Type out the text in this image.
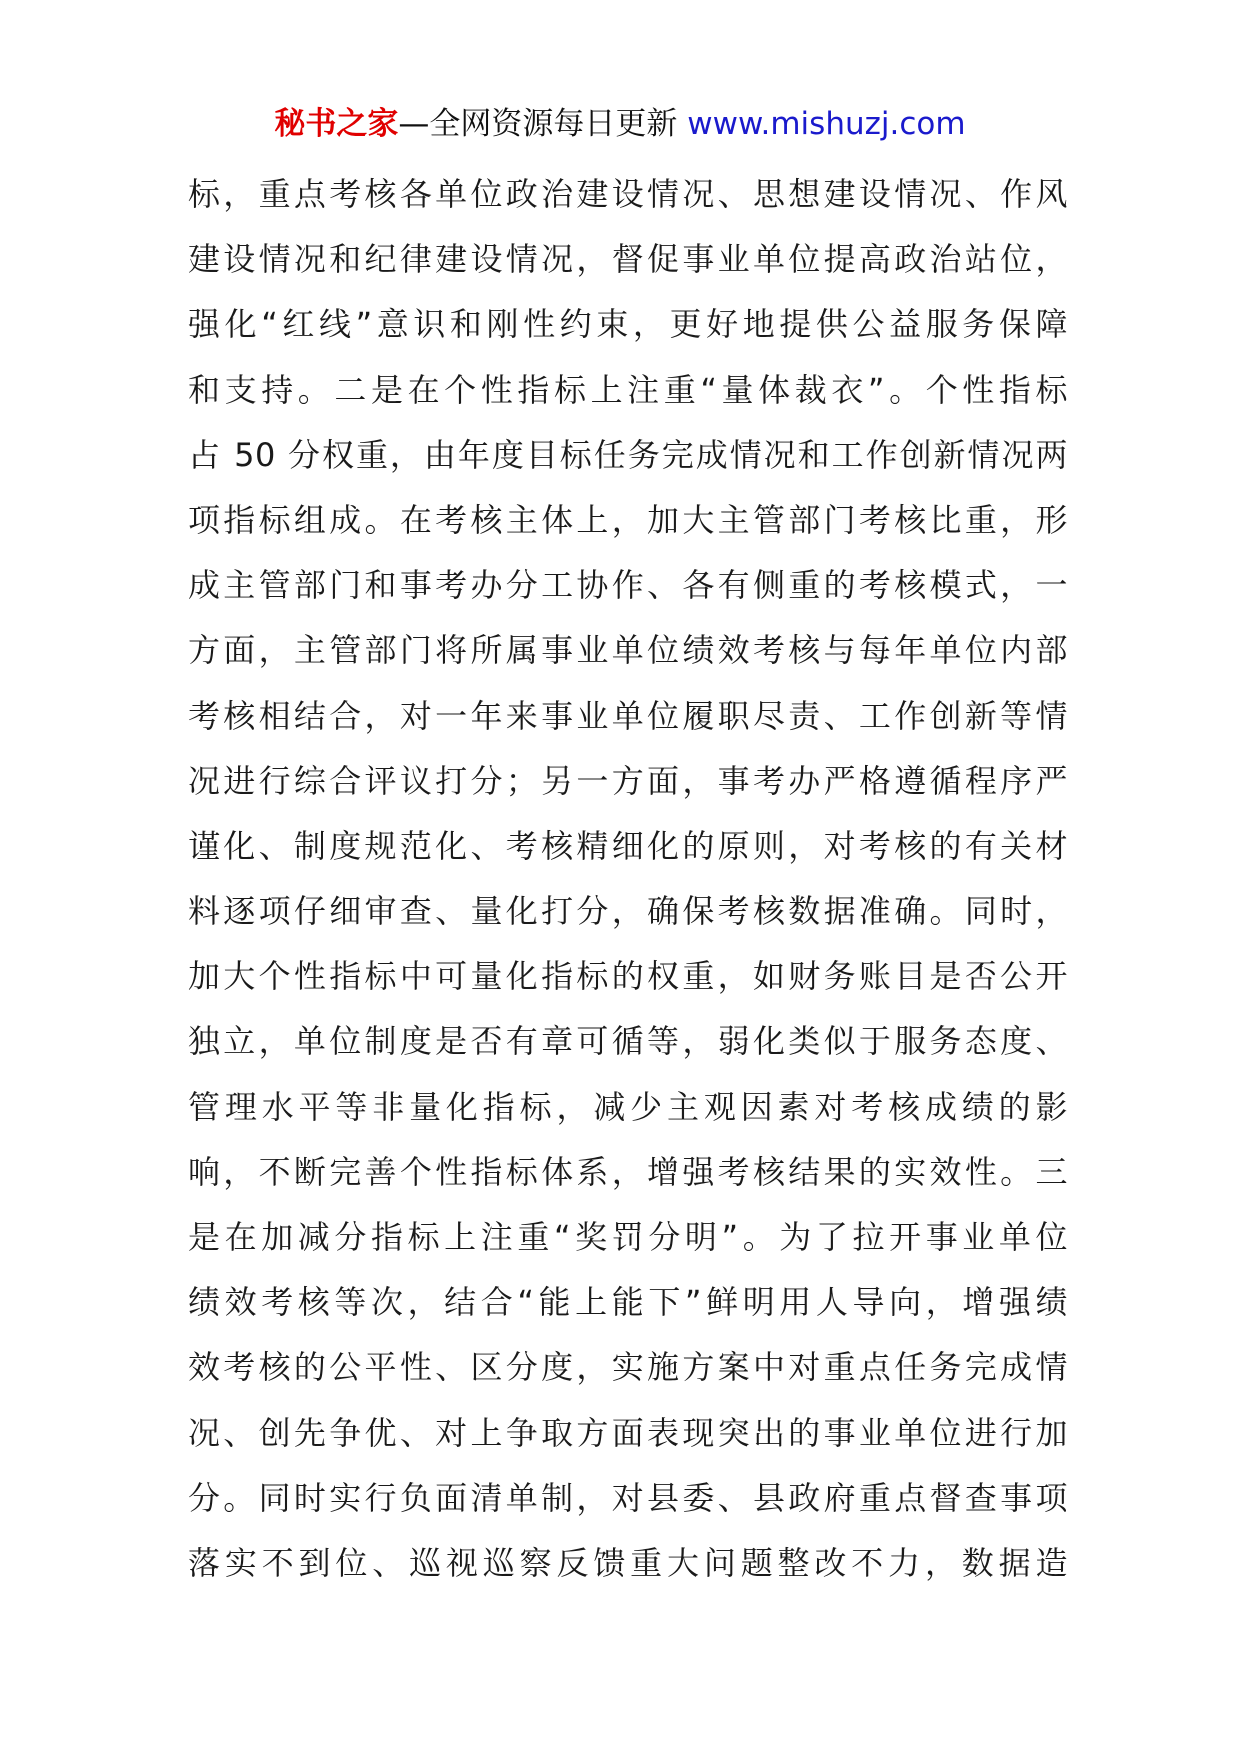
秘书之家—全网资源每日更新 www.mishuzj.com
标，重点考核各单位政治建设情况、思想建设情况、作风
建设情况和纪律建设情况，督促事业单位提高政治站位，
强化“红线”意识和刚性约束，更好地提供公益服务保障
和支持。二是在个性指标上注重“量体裁衣”。个性指标
占 50 分权重，由年度目标任务完成情况和工作创新情况两
项指标组成。在考核主体上，加大主管部门考核比重，形
成主管部门和事考办分工协作、各有侧重的考核模式，一
方面，主管部门将所属事业单位绩效考核与每年单位内部
考核相结合，对一年来事业单位履职尽责、工作创新等情
况进行综合评议打分；另一方面，事考办严格遵循程序严
谨化、制度规范化、考核精细化的原则，对考核的有关材
料逐项仔细审查、量化打分，确保考核数据准确。同时，
加大个性指标中可量化指标的权重，如财务账目是否公开
独立，单位制度是否有章可循等，弱化类似于服务态度、
管理水平等非量化指标，减少主观因素对考核成绩的影
响，不断完善个性指标体系，增强考核结果的实效性。三
是在加减分指标上注重“奖罚分明”。为了拉开事业单位
绩效考核等次，结合“能上能下”鲜明用人导向，增强绩
效考核的公平性、区分度，实施方案中对重点任务完成情
况、创先争优、对上争取方面表现突出的事业单位进行加
分。同时实行负面清单制，对县委、县政府重点督查事项
落实不到位、巡视巡察反馈重大问题整改不力，数据造
